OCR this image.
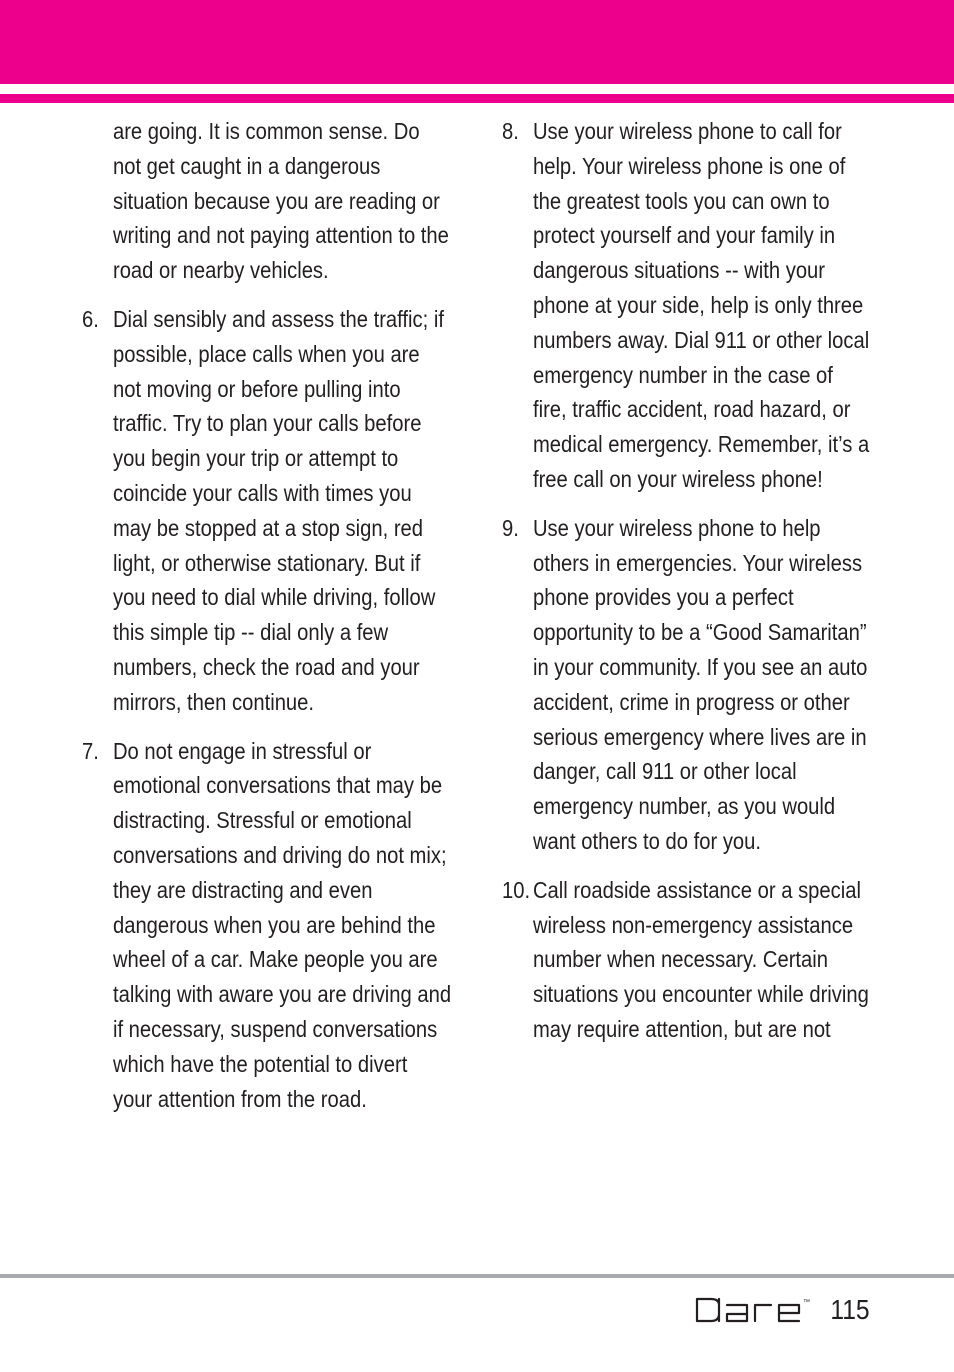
are going. It is common sense. Do not get caught in a dangerous situation because you are reading or writing and not paying attention to the road or nearby vehicles.

6. Dial sensibly and assess the traffic; if possible, place calls when you are not moving or before pulling into traffic. Try to plan your calls before you begin your trip or attempt to coincide your calls with times you may be stopped at a stop sign, red light, or otherwise stationary. But if you need to dial while driving, follow this simple tip -- dial only a few numbers, check the road and your mirrors, then continue.
7. Do not engage in stressful or emotional conversations that may be distracting. Stressful or emotional conversations and driving do not mix; they are distracting and even dangerous when you are behind the wheel of a car. Make people you are talking with aware you are driving and if necessary, suspend conversations which have the potential to divert your attention from the road.
8. Use your wireless phone to call for help. Your wireless phone is one of the greatest tools you can own to protect yourself and your family in dangerous situations -- with your phone at your side, help is only three numbers away. Dial 911 or other local emergency number in the case of fire, traffic accident, road hazard, or medical emergency. Remember, it’s a free call on your wireless phone!
9. Use your wireless phone to help others in emergencies. Your wireless phone provides you a perfect opportunity to be a “Good Samaritan” in your community. If you see an auto accident, crime in progress or other serious emergency where lives are in danger, call 911 or other local emergency number, as you would want others to do for you.
10. Call roadside assistance or a special wireless non-emergency assistance number when necessary. Certain situations you encounter while driving may require attention, but are not
™ 115
